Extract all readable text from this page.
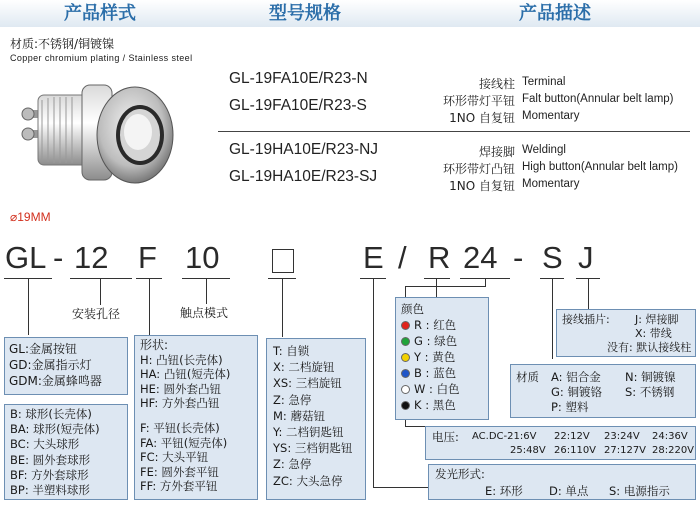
产品样式	型号规格	产品描述
材质:不锈钢/铜镀镍
Copper chromium plating / Stainless steel
GL-19FA10E/R23-N
GL-19FA10E/R23-S
接线柱 Terminal
环形带灯平钮 Falt button(Annular belt lamp)
1NO 自复钮 Momentary
GL-19HA10E/R23-NJ
GL-19HA10E/R23-SJ
焊接脚 Weldingl
环形带灯凸钮 High button(Annular belt lamp)
1NO 自复钮 Momentary
⌀19MM
GL - 12 F 10	E / R 24 - S J
安装孔径	触点模式
GL:金属按钮
GD:金属指示灯
GDM:金属蜂鸣器
B: 球形(长壳体)
BA: 球形(短壳体)
BC: 大头球形
BE: 圆外套球形
BF: 方外套球形
BP: 半塑料球形
形状:
H: 凸钮(长壳体)
HA: 凸钮(短壳体)
HE: 圆外套凸钮
HF: 方外套凸钮
F: 平钮(长壳体)
FA: 平钮(短壳体)
FC: 大头平钮
FE: 圆外套平钮
FF: 方外套平钮
T: 自锁
X: 二档旋钮
XS: 三档旋钮
Z: 急停
M: 蘑菇钮
Y: 二档钥匙钮
YS: 三档钥匙钮
Z: 急停
ZC: 大头急停
颜色
R : 红色
G : 绿色
Y : 黄色
B : 蓝色
W : 白色
K : 黑色
接线插片: J: 焊接脚
X: 带线
没有: 默认接线柱
材质 A: 铝合金 N: 铜镀镍
G: 铜镀铬 S: 不锈钢
P: 塑料
电压: AC.DC-21:6V 22:12V 23:24V 24:36V
25:48V 26:110V 27:127V 28:220V
发光形式:
E: 环形 D: 单点 S: 电源指示
